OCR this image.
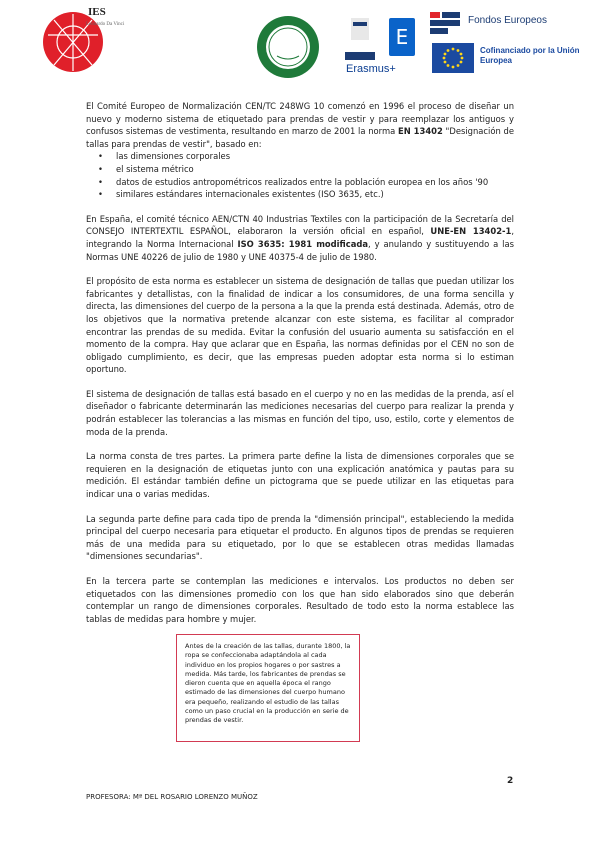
IES
Leonardo Da Vinci
E
Erasmus+
Fondos Europeos
Cofinanciado por la Unión Europea

El Comité Europeo de Normalización CEN/TC 248WG 10 comenzó en 1996 el proceso de diseñar un nuevo y moderno sistema de etiquetado para prendas de vestir y para reemplazar los antiguos y confusos sistemas de vestimenta, resultando en marzo de 2001 la norma EN 13402 "Designación de tallas para prendas de vestir", basado en:

• las dimensiones corporales
• el sistema métrico
• datos de estudios antropométricos realizados entre la población europea en los años '90
• similares estándares internacionales existentes (ISO 3635, etc.)

En España, el comité técnico AEN/CTN 40 Industrias Textiles con la participación de la Secretaría del CONSEJO INTERTEXTIL ESPAÑOL, elaboraron la versión oficial en español, UNE-EN 13402-1, integrando la Norma Internacional ISO 3635: 1981 modificada, y anulando y sustituyendo a las Normas UNE 40226 de julio de 1980 y UNE 40375-4 de julio de 1980.

El propósito de esta norma es establecer un sistema de designación de tallas que puedan utilizar los fabricantes y detallistas, con la finalidad de indicar a los consumidores, de una forma sencilla y directa, las dimensiones del cuerpo de la persona a la que la prenda está destinada. Además, otro de los objetivos que la normativa pretende alcanzar con este sistema, es facilitar al comprador encontrar las prendas de su medida. Evitar la confusión del usuario aumenta su satisfacción en el momento de la compra. Hay que aclarar que en España, las normas definidas por el CEN no son de obligado cumplimiento, es decir, que las empresas pueden adoptar esta norma si lo estiman oportuno.

El sistema de designación de tallas está basado en el cuerpo y no en las medidas de la prenda, así el diseñador o fabricante determinarán las mediciones necesarias del cuerpo para realizar la prenda y podrán establecer las tolerancias a las mismas en función del tipo, uso, estilo, corte y elementos de moda de la prenda.

La norma consta de tres partes. La primera parte define la lista de dimensiones corporales que se requieren en la designación de etiquetas junto con una explicación anatómica y pautas para su medición. El estándar también define un pictograma que se puede utilizar en las etiquetas para indicar una o varias medidas.

La segunda parte define para cada tipo de prenda la "dimensión principal", estableciendo la medida principal del cuerpo necesaria para etiquetar el producto. En algunos tipos de prendas se requieren más de una medida para su etiquetado, por lo que se establecen otras medidas llamadas "dimensiones secundarias".

En la tercera parte se contemplan las mediciones e intervalos. Los productos no deben ser etiquetados con las dimensiones promedio con los que han sido elaborados sino que deberán contemplar un rango de dimensiones corporales. Resultado de todo esto la norma establece las tablas de medidas para hombre y mujer.

Antes de la creación de las tallas, durante 1800, la ropa se confeccionaba adaptándola al cada individuo en los propios hogares o por sastres a medida. Más tarde, los fabricantes de prendas se dieron cuenta que en aquella época el rango estimado de las dimensiones del cuerpo humano era pequeño, realizando el estudio de las tallas como un paso crucial en la producción en serie de prendas de vestir.
2
PROFESORA: Mª DEL ROSARIO LORENZO MUÑOZ
